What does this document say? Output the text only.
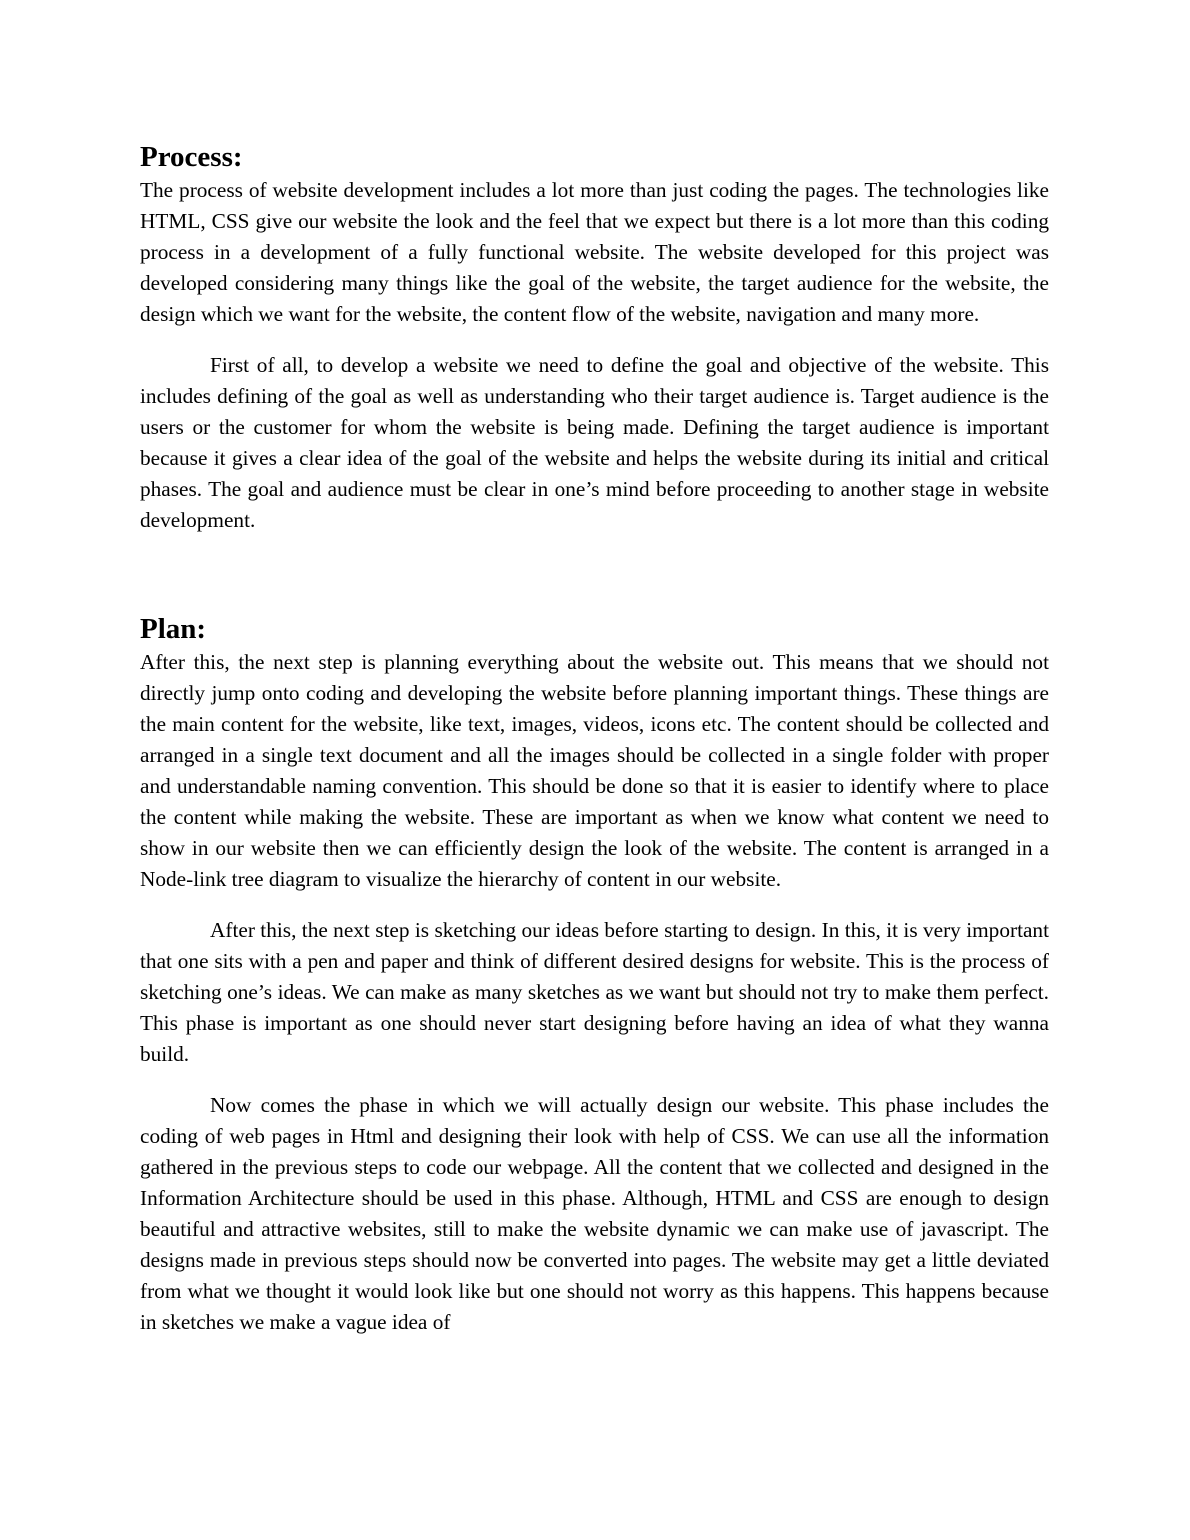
Process:

The process of website development includes a lot more than just coding the pages. The technologies like HTML, CSS give our website the look and the feel that we expect but there is a lot more than this coding process in a development of a fully functional website. The website developed for this project was developed considering many things like the goal of the website, the target audience for the website, the design which we want for the website, the content flow of the website, navigation and many more.

First of all, to develop a website we need to define the goal and objective of the website. This includes defining of the goal as well as understanding who their target audience is. Target audience is the users or the customer for whom the website is being made. Defining the target audience is important because it gives a clear idea of the goal of the website and helps the website during its initial and critical phases. The goal and audience must be clear in one’s mind before proceeding to another stage in website development.

Plan:

After this, the next step is planning everything about the website out. This means that we should not directly jump onto coding and developing the website before planning important things. These things are the main content for the website, like text, images, videos, icons etc. The content should be collected and arranged in a single text document and all the images should be collected in a single folder with proper and understandable naming convention. This should be done so that it is easier to identify where to place the content while making the website. These are important as when we know what content we need to show in our website then we can efficiently design the look of the website. The content is arranged in a Node-link tree diagram to visualize the hierarchy of content in our website.

After this, the next step is sketching our ideas before starting to design. In this, it is very important that one sits with a pen and paper and think of different desired designs for website. This is the process of sketching one’s ideas. We can make as many sketches as we want but should not try to make them perfect. This phase is important as one should never start designing before having an idea of what they wanna build.

Now comes the phase in which we will actually design our website. This phase includes the coding of web pages in Html and designing their look with help of CSS. We can use all the information gathered in the previous steps to code our webpage. All the content that we collected and designed in the Information Architecture should be used in this phase. Although, HTML and CSS are enough to design beautiful and attractive websites, still to make the website dynamic we can make use of javascript. The designs made in previous steps should now be converted into pages. The website may get a little deviated from what we thought it would look like but one should not worry as this happens. This happens because in sketches we make a vague idea of
